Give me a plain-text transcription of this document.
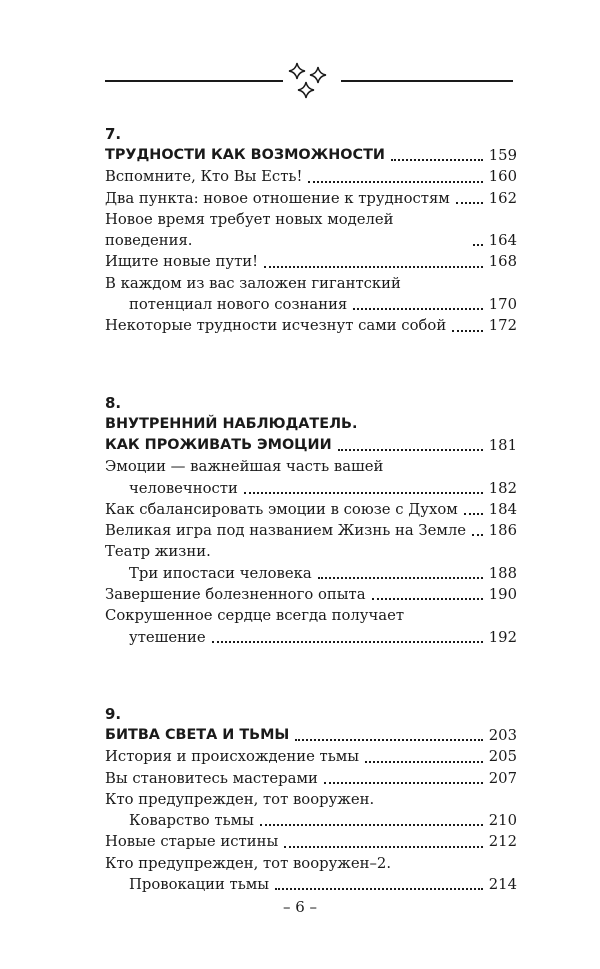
7.
ТРУДНОСТИ КАК ВОЗМОЖНОСТИ	159
Вспомните, Кто Вы Есть!	160
Два пункта: новое отношение к трудностям	162
Новое время требует новых моделей поведения.	164
Ищите новые пути!	168
В каждом из вас заложен гигантский
потенциал нового сознания	170
Некоторые трудности исчезнут сами собой	172
8.
ВНУТРЕННИЙ НАБЛЮДАТЕЛЬ.
КАК ПРОЖИВАТЬ ЭМОЦИИ	181
Эмоции — важнейшая часть вашей
человечности	182
Как сбалансировать эмоции в союзе с Духом 184
Великая игра под названием Жизнь на Земле 186
Театр жизни.
Три ипостаси человека	188
Завершение болезненного опыта	190
Сокрушенное сердце всегда получает
утешение	192
9.
БИТВА СВЕТА И ТЬМЫ	203
История и происхождение тьмы	205
Вы становитесь мастерами	207
Кто предупрежден, тот вооружен.
Коварство тьмы	210
Новые старые истины	212
Кто предупрежден, тот вооружен–2.
Провокации тьмы	214
– 6 –
